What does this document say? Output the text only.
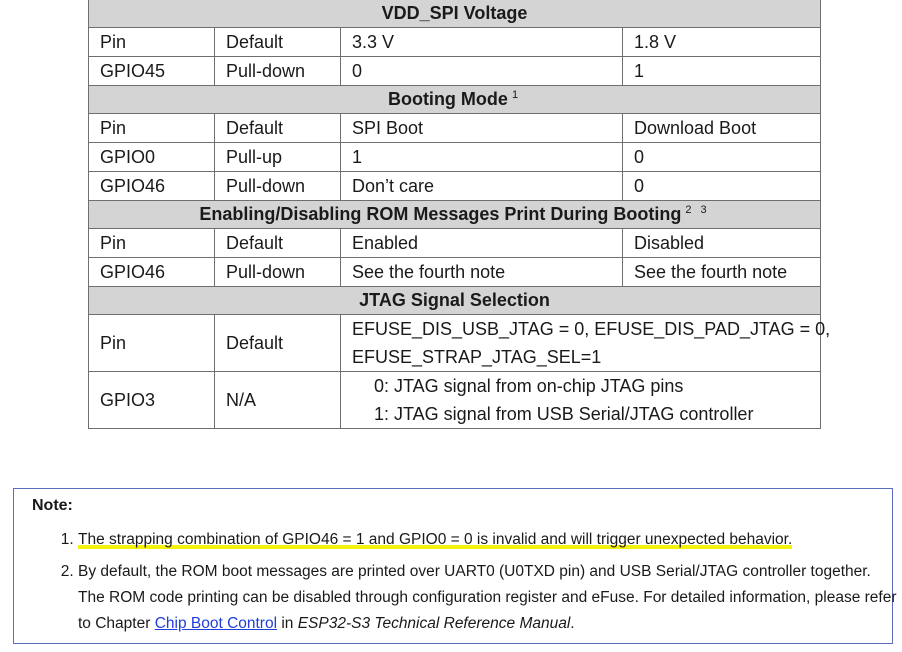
VDD_SPI Voltage			
Pin	Default	3.3 V	1.8 V
GPIO45	Pull-down	0	1
Booting Mode $^1$
Pin	Default	SPI Boot	Download Boot
GPIO0	Pull-up	1	0
GPIO46	Pull-down	Don’t care	0
Enabling/Disabling ROM Messages Print During Booting $^{2 3}$
Pin	Default	Enabled	Disabled
GPIO46	Pull-down	See the fourth note	See the fourth note
JTAG Signal Selection			
Pin	Default	EFUSE_DIS_USB_JTAG = 0, EFUSE_DIS_PAD_JTAG = 0,
EFUSE_STRAP_JTAG_SEL=1	

GPIO3	N/A	0: JTAG signal from on-chip JTAG pins
1: JTAG signal from USB Serial/JTAG controller	
Note:
1. The strapping combination of GPIO46 = 1 and GPIO0 = 0 is invalid and will trigger unexpected behavior.
2. By default, the ROM boot messages are printed over UART0 (U0TXD pin) and USB Serial/JTAG controller together. The ROM code printing can be disabled through configuration register and eFuse. For detailed information, please refer to Chapter Chip Boot Control in ESP32-S3 Technical Reference Manual.
